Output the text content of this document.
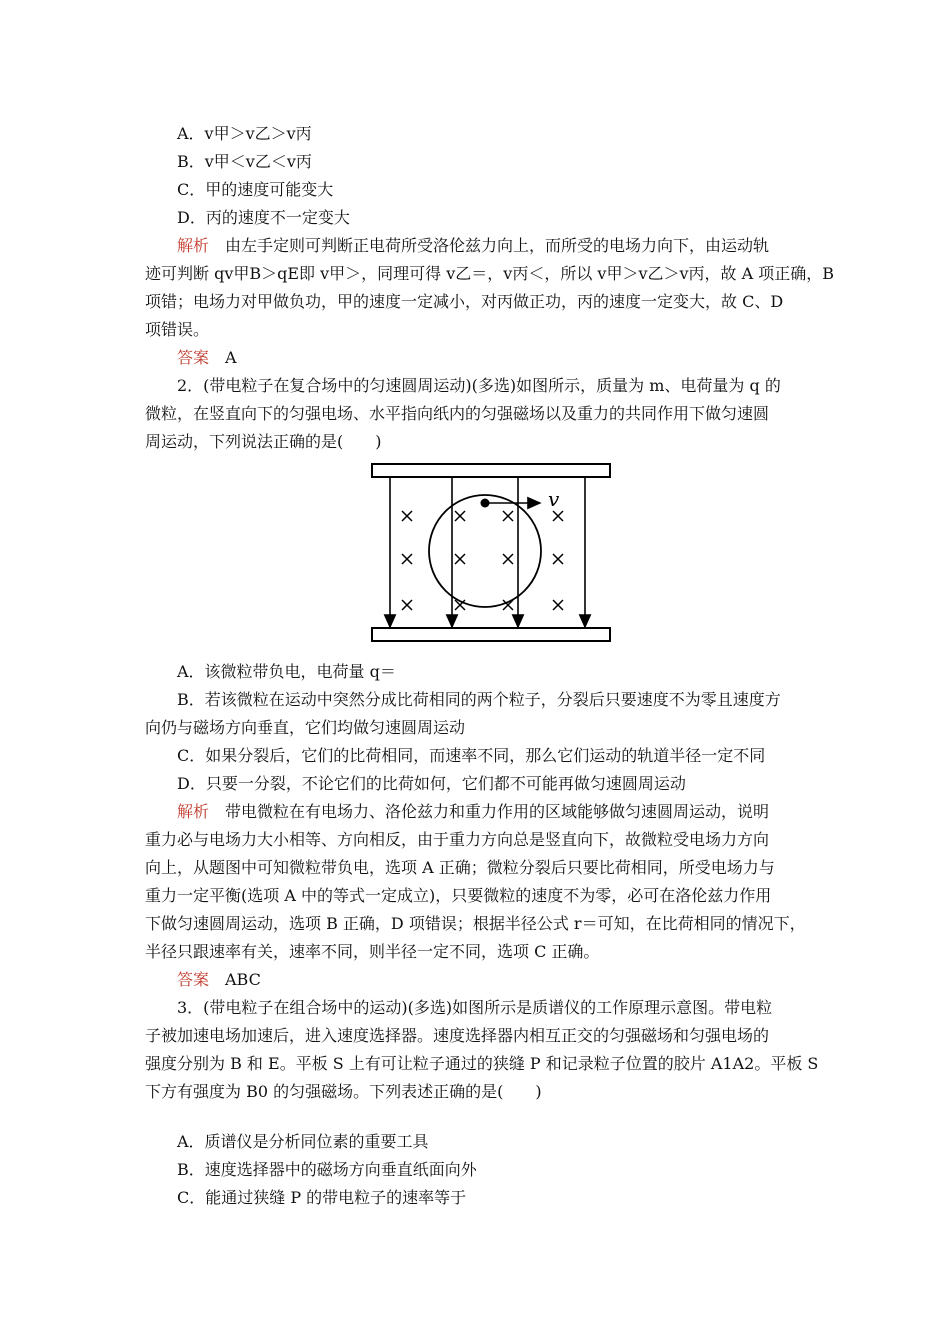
A．v甲＞v乙＞v丙
B．v甲＜v乙＜v丙
C．甲的速度可能变大
D．丙的速度不一定变大
解析 由左手定则可判断正电荷所受洛伦兹力向上，而所受的电场力向下，由运动轨
迹可判断 qv甲B＞qE即 v甲＞，同理可得 v乙＝，v丙＜，所以 v甲＞v乙＞v丙，故 A 项正确，B
项错；电场力对甲做负功，甲的速度一定减小，对丙做正功，丙的速度一定变大，故 C、D
项错误。
答案 A
2．(带电粒子在复合场中的匀速圆周运动)(多选)如图所示，质量为 m、电荷量为 q 的
微粒，在竖直向下的匀强电场、水平指向纸内的匀强磁场以及重力的共同作用下做匀速圆
周运动，下列说法正确的是(　　)
v
A．该微粒带负电，电荷量 q＝
B．若该微粒在运动中突然分成比荷相同的两个粒子，分裂后只要速度不为零且速度方
向仍与磁场方向垂直，它们均做匀速圆周运动
C．如果分裂后，它们的比荷相同，而速率不同，那么它们运动的轨道半径一定不同
D．只要一分裂，不论它们的比荷如何，它们都不可能再做匀速圆周运动
解析 带电微粒在有电场力、洛伦兹力和重力作用的区域能够做匀速圆周运动，说明
重力必与电场力大小相等、方向相反，由于重力方向总是竖直向下，故微粒受电场力方向
向上，从题图中可知微粒带负电，选项 A 正确；微粒分裂后只要比荷相同，所受电场力与
重力一定平衡(选项 A 中的等式一定成立)，只要微粒的速度不为零，必可在洛伦兹力作用
下做匀速圆周运动，选项 B 正确，D 项错误；根据半径公式 r＝可知，在比荷相同的情况下，
半径只跟速率有关，速率不同，则半径一定不同，选项 C 正确。
答案 ABC
3．(带电粒子在组合场中的运动)(多选)如图所示是质谱仪的工作原理示意图。带电粒
子被加速电场加速后，进入速度选择器。速度选择器内相互正交的匀强磁场和匀强电场的
强度分别为 B 和 E。平板 S 上有可让粒子通过的狭缝 P 和记录粒子位置的胶片 A1A2。平板 S
下方有强度为 B0 的匀强磁场。下列表述正确的是(　　)
A．质谱仪是分析同位素的重要工具
B．速度选择器中的磁场方向垂直纸面向外
C．能通过狭缝 P 的带电粒子的速率等于
